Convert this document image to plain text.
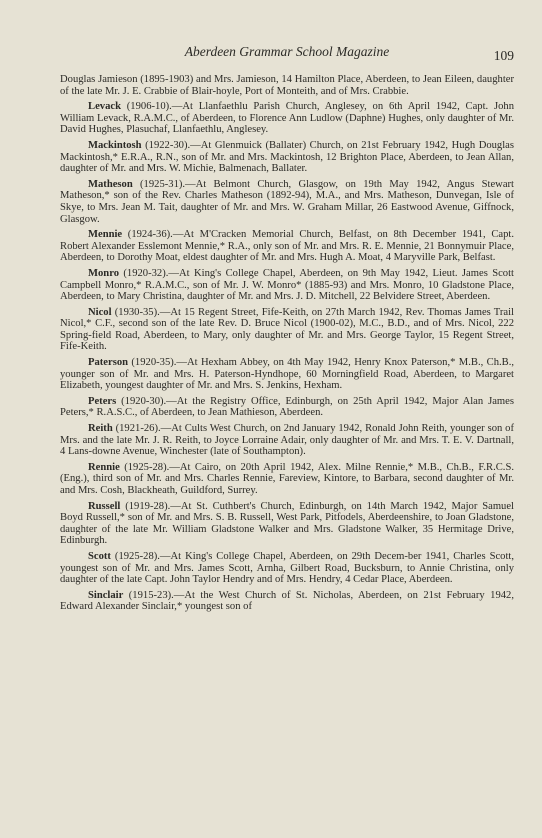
Aberdeen Grammar School Magazine	109

Douglas Jamieson (1895-1903) and Mrs. Jamieson, 14 Hamilton Place, Aberdeen, to Jean Eileen, daughter of the late Mr. J. E. Crabbie of Blair-hoyle, Port of Monteith, and of Mrs. Crabbie.

Levack (1906-10).—At Llanfaethlu Parish Church, Anglesey, on 6th April 1942, Capt. John William Levack, R.A.M.C., of Aberdeen, to Florence Ann Ludlow (Daphne) Hughes, only daughter of Mr. David Hughes, Plasuchaf, Llanfaethlu, Anglesey.

Mackintosh (1922-30).—At Glenmuick (Ballater) Church, on 21st February 1942, Hugh Douglas Mackintosh,* E.R.A., R.N., son of Mr. and Mrs. Mackintosh, 12 Brighton Place, Aberdeen, to Jean Allan, daughter of Mr. and Mrs. W. Michie, Balmenach, Ballater.

Matheson (1925-31).—At Belmont Church, Glasgow, on 19th May 1942, Angus Stewart Matheson,* son of the Rev. Charles Matheson (1892-94), M.A., and Mrs. Matheson, Dunvegan, Isle of Skye, to Mrs. Jean M. Tait, daughter of Mr. and Mrs. W. Graham Millar, 26 Eastwood Avenue, Giffnock, Glasgow.

Mennie (1924-36).—At M'Cracken Memorial Church, Belfast, on 8th December 1941, Capt. Robert Alexander Esslemont Mennie,* R.A., only son of Mr. and Mrs. R. E. Mennie, 21 Bonnymuir Place, Aberdeen, to Dorothy Moat, eldest daughter of Mr. and Mrs. Hugh A. Moat, 4 Maryville Park, Belfast.

Monro (1920-32).—At King's College Chapel, Aberdeen, on 9th May 1942, Lieut. James Scott Campbell Monro,* R.A.M.C., son of Mr. J. W. Monro* (1885-93) and Mrs. Monro, 10 Gladstone Place, Aberdeen, to Mary Christina, daughter of Mr. and Mrs. J. D. Mitchell, 22 Belvidere Street, Aberdeen.

Nicol (1930-35).—At 15 Regent Street, Fife-Keith, on 27th March 1942, Rev. Thomas James Trail Nicol,* C.F., second son of the late Rev. D. Bruce Nicol (1900-02), M.C., B.D., and of Mrs. Nicol, 222 Spring-field Road, Aberdeen, to Mary, only daughter of Mr. and Mrs. George Taylor, 15 Regent Street, Fife-Keith.

Paterson (1920-35).—At Hexham Abbey, on 4th May 1942, Henry Knox Paterson,* M.B., Ch.B., younger son of Mr. and Mrs. H. Paterson-Hyndhope, 60 Morningfield Road, Aberdeen, to Margaret Elizabeth, youngest daughter of Mr. and Mrs. S. Jenkins, Hexham.

Peters (1920-30).—At the Registry Office, Edinburgh, on 25th April 1942, Major Alan James Peters,* R.A.S.C., of Aberdeen, to Jean Mathieson, Aberdeen.

Reith (1921-26).—At Cults West Church, on 2nd January 1942, Ronald John Reith, younger son of Mrs. and the late Mr. J. R. Reith, to Joyce Lorraine Adair, only daughter of Mr. and Mrs. T. E. V. Dartnall, 4 Lans-downe Avenue, Winchester (late of Southampton).

Rennie (1925-28).—At Cairo, on 20th April 1942, Alex. Milne Rennie,* M.B., Ch.B., F.R.C.S.(Eng.), third son of Mr. and Mrs. Charles Rennie, Fareview, Kintore, to Barbara, second daughter of Mr. and Mrs. Cosh, Blackheath, Guildford, Surrey.

Russell (1919-28).—At St. Cuthbert's Church, Edinburgh, on 14th March 1942, Major Samuel Boyd Russell,* son of Mr. and Mrs. S. B. Russell, West Park, Pitfodels, Aberdeenshire, to Joan Gladstone, daughter of the late Mr. William Gladstone Walker and Mrs. Gladstone Walker, 35 Hermitage Drive, Edinburgh.

Scott (1925-28).—At King's College Chapel, Aberdeen, on 29th Decem-ber 1941, Charles Scott, youngest son of Mr. and Mrs. James Scott, Arnha, Gilbert Road, Bucksburn, to Annie Christina, only daughter of the late Capt. John Taylor Hendry and of Mrs. Hendry, 4 Cedar Place, Aberdeen.

Sinclair (1915-23).—At the West Church of St. Nicholas, Aberdeen, on 21st February 1942, Edward Alexander Sinclair,* youngest son of
